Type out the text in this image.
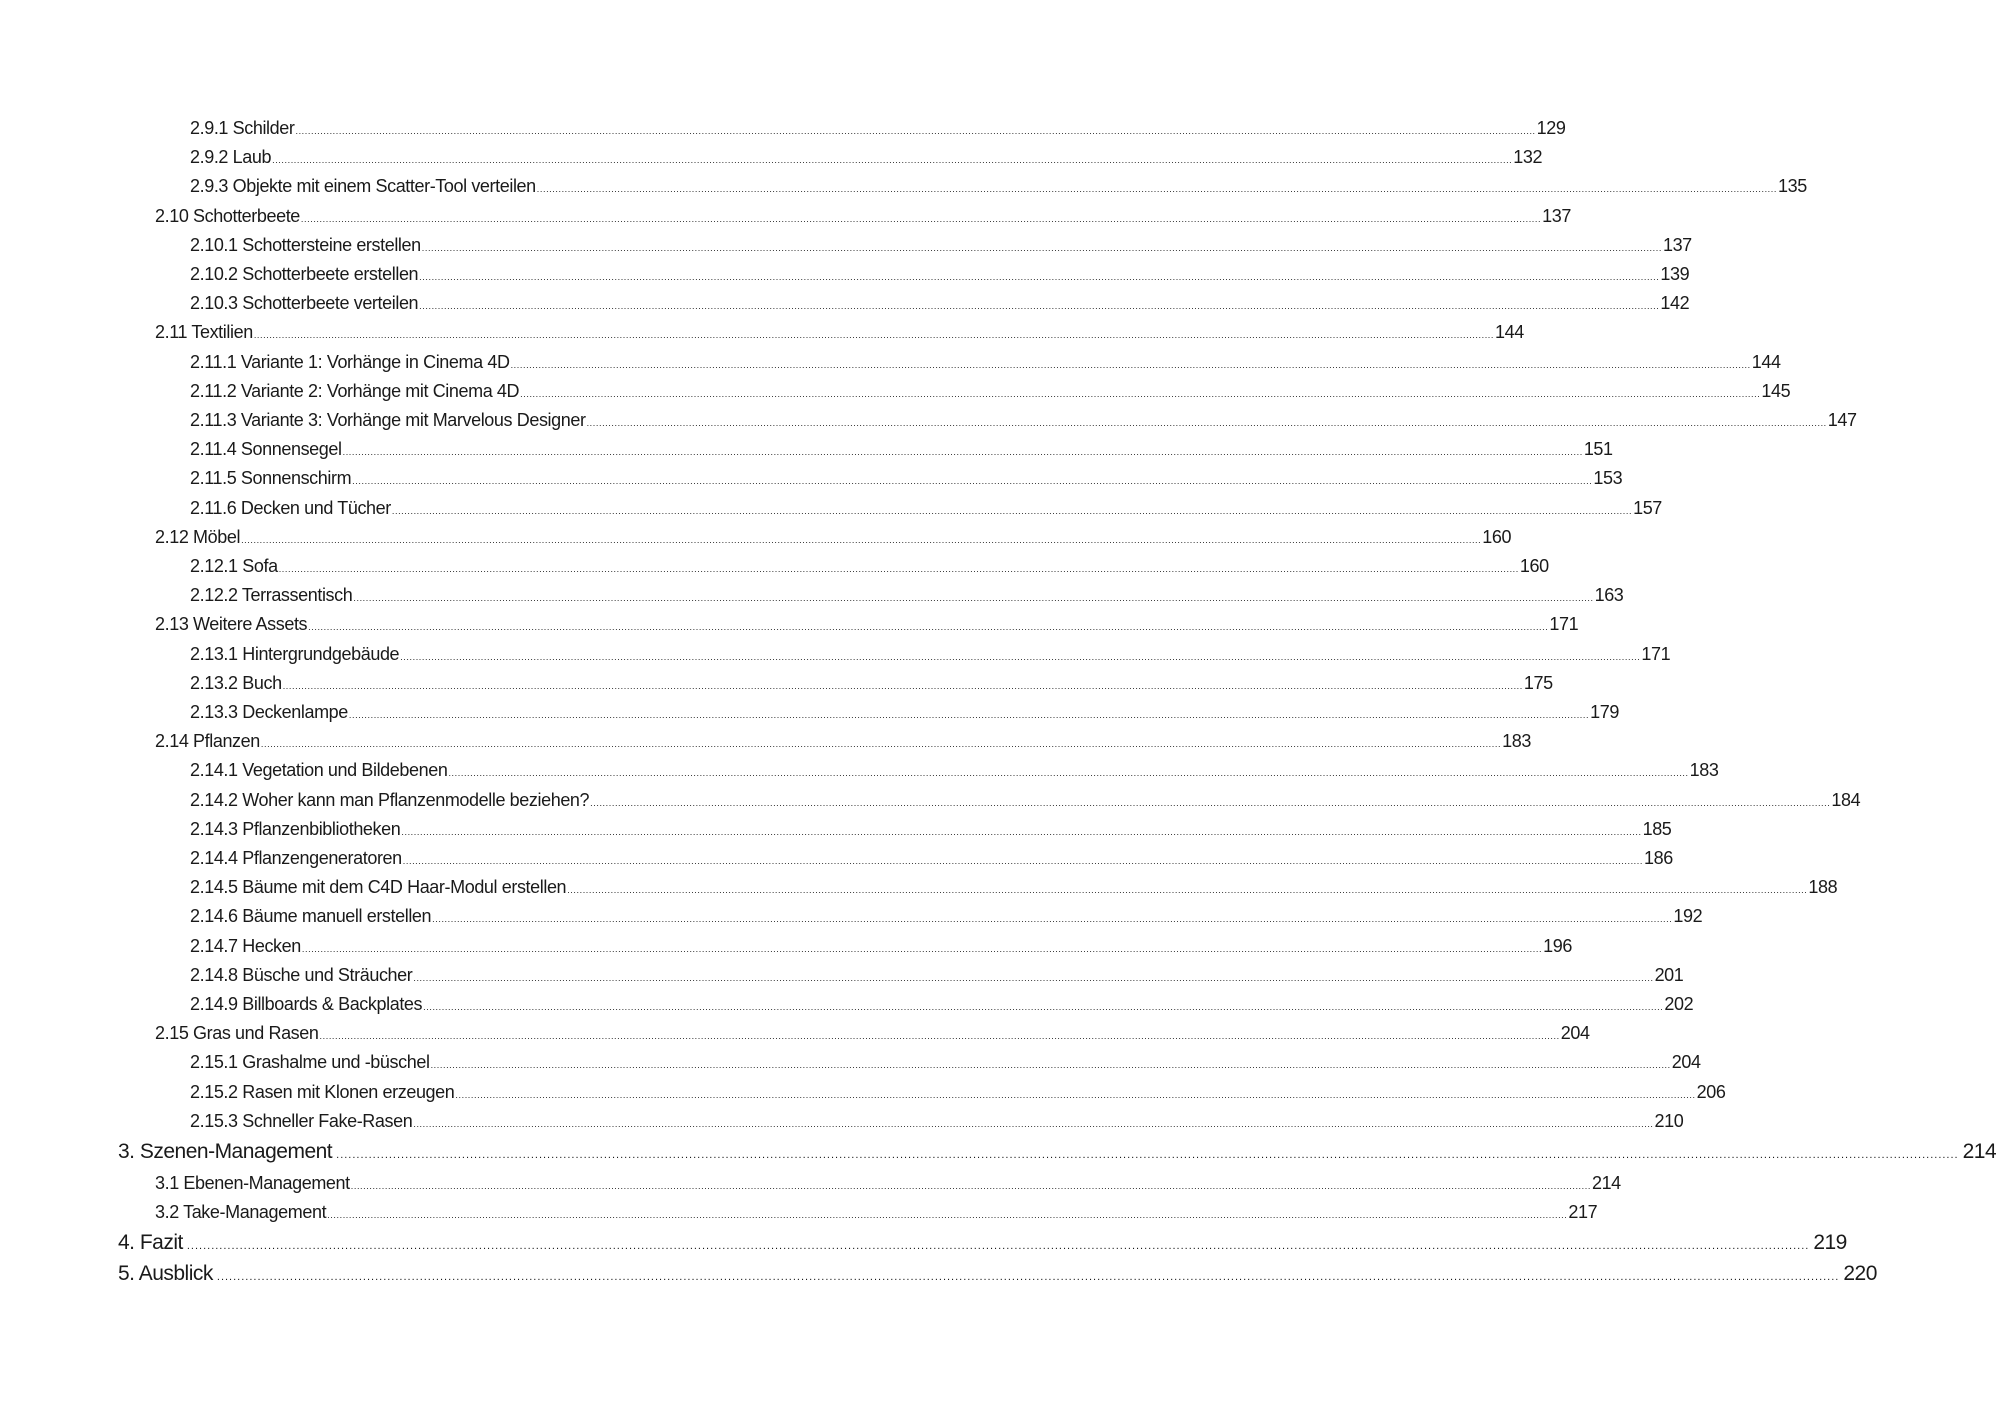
2.9.1 Schilder ................................................................................................................................................................................................................................................................................................................................................................................................................ 129
2.9.2 Laub ................................................................................................................................................................................................................................................................................................................................................................................................................ 132
2.9.3 Objekte mit einem Scatter-Tool verteilen ................................................................................................................................................................................................................................................................................................................................................................................................................ 135
2.10 Schotterbeete ................................................................................................................................................................................................................................................................................................................................................................................................................ 137
2.10.1 Schottersteine erstellen ................................................................................................................................................................................................................................................................................................................................................................................................................ 137
2.10.2 Schotterbeete erstellen ................................................................................................................................................................................................................................................................................................................................................................................................................ 139
2.10.3 Schotterbeete verteilen ................................................................................................................................................................................................................................................................................................................................................................................................................ 142
2.11 Textilien ................................................................................................................................................................................................................................................................................................................................................................................................................ 144
2.11.1 Variante 1: Vorhänge in Cinema 4D ................................................................................................................................................................................................................................................................................................................................................................................................................ 144
2.11.2 Variante 2: Vorhänge mit Cinema 4D ................................................................................................................................................................................................................................................................................................................................................................................................................ 145
2.11.3 Variante 3: Vorhänge mit Marvelous Designer ................................................................................................................................................................................................................................................................................................................................................................................................................ 147
2.11.4 Sonnensegel ................................................................................................................................................................................................................................................................................................................................................................................................................ 151
2.11.5 Sonnenschirm ................................................................................................................................................................................................................................................................................................................................................................................................................ 153
2.11.6 Decken und Tücher ................................................................................................................................................................................................................................................................................................................................................................................................................ 157
2.12 Möbel ................................................................................................................................................................................................................................................................................................................................................................................................................ 160
2.12.1 Sofa ................................................................................................................................................................................................................................................................................................................................................................................................................ 160
2.12.2 Terrassentisch ................................................................................................................................................................................................................................................................................................................................................................................................................ 163
2.13 Weitere Assets ................................................................................................................................................................................................................................................................................................................................................................................................................ 171
2.13.1 Hintergrundgebäude ................................................................................................................................................................................................................................................................................................................................................................................................................ 171
2.13.2 Buch ................................................................................................................................................................................................................................................................................................................................................................................................................ 175
2.13.3 Deckenlampe ................................................................................................................................................................................................................................................................................................................................................................................................................ 179
2.14 Pflanzen ................................................................................................................................................................................................................................................................................................................................................................................................................ 183
2.14.1 Vegetation und Bildebenen ................................................................................................................................................................................................................................................................................................................................................................................................................ 183
2.14.2 Woher kann man Pflanzenmodelle beziehen? ................................................................................................................................................................................................................................................................................................................................................................................................................ 184
2.14.3 Pflanzenbibliotheken ................................................................................................................................................................................................................................................................................................................................................................................................................ 185
2.14.4 Pflanzengeneratoren ................................................................................................................................................................................................................................................................................................................................................................................................................ 186
2.14.5 Bäume mit dem C4D Haar-Modul erstellen ................................................................................................................................................................................................................................................................................................................................................................................................................ 188
2.14.6 Bäume manuell erstellen ................................................................................................................................................................................................................................................................................................................................................................................................................ 192
2.14.7 Hecken ................................................................................................................................................................................................................................................................................................................................................................................................................ 196
2.14.8 Büsche und Sträucher ................................................................................................................................................................................................................................................................................................................................................................................................................ 201
2.14.9 Billboards & Backplates ................................................................................................................................................................................................................................................................................................................................................................................................................ 202
2.15 Gras und Rasen ................................................................................................................................................................................................................................................................................................................................................................................................................ 204
2.15.1 Grashalme und -büschel ................................................................................................................................................................................................................................................................................................................................................................................................................ 204
2.15.2 Rasen mit Klonen erzeugen ................................................................................................................................................................................................................................................................................................................................................................................................................ 206
2.15.3 Schneller Fake-Rasen ................................................................................................................................................................................................................................................................................................................................................................................................................ 210
3. Szenen-Management ................................................................................................................................................................................................................................................................................................................................................................................................................ 214
3.1 Ebenen-Management ................................................................................................................................................................................................................................................................................................................................................................................................................ 214
3.2 Take-Management ................................................................................................................................................................................................................................................................................................................................................................................................................ 217
4. Fazit ................................................................................................................................................................................................................................................................................................................................................................................................................ 219
5. Ausblick ................................................................................................................................................................................................................................................................................................................................................................................................................ 220
